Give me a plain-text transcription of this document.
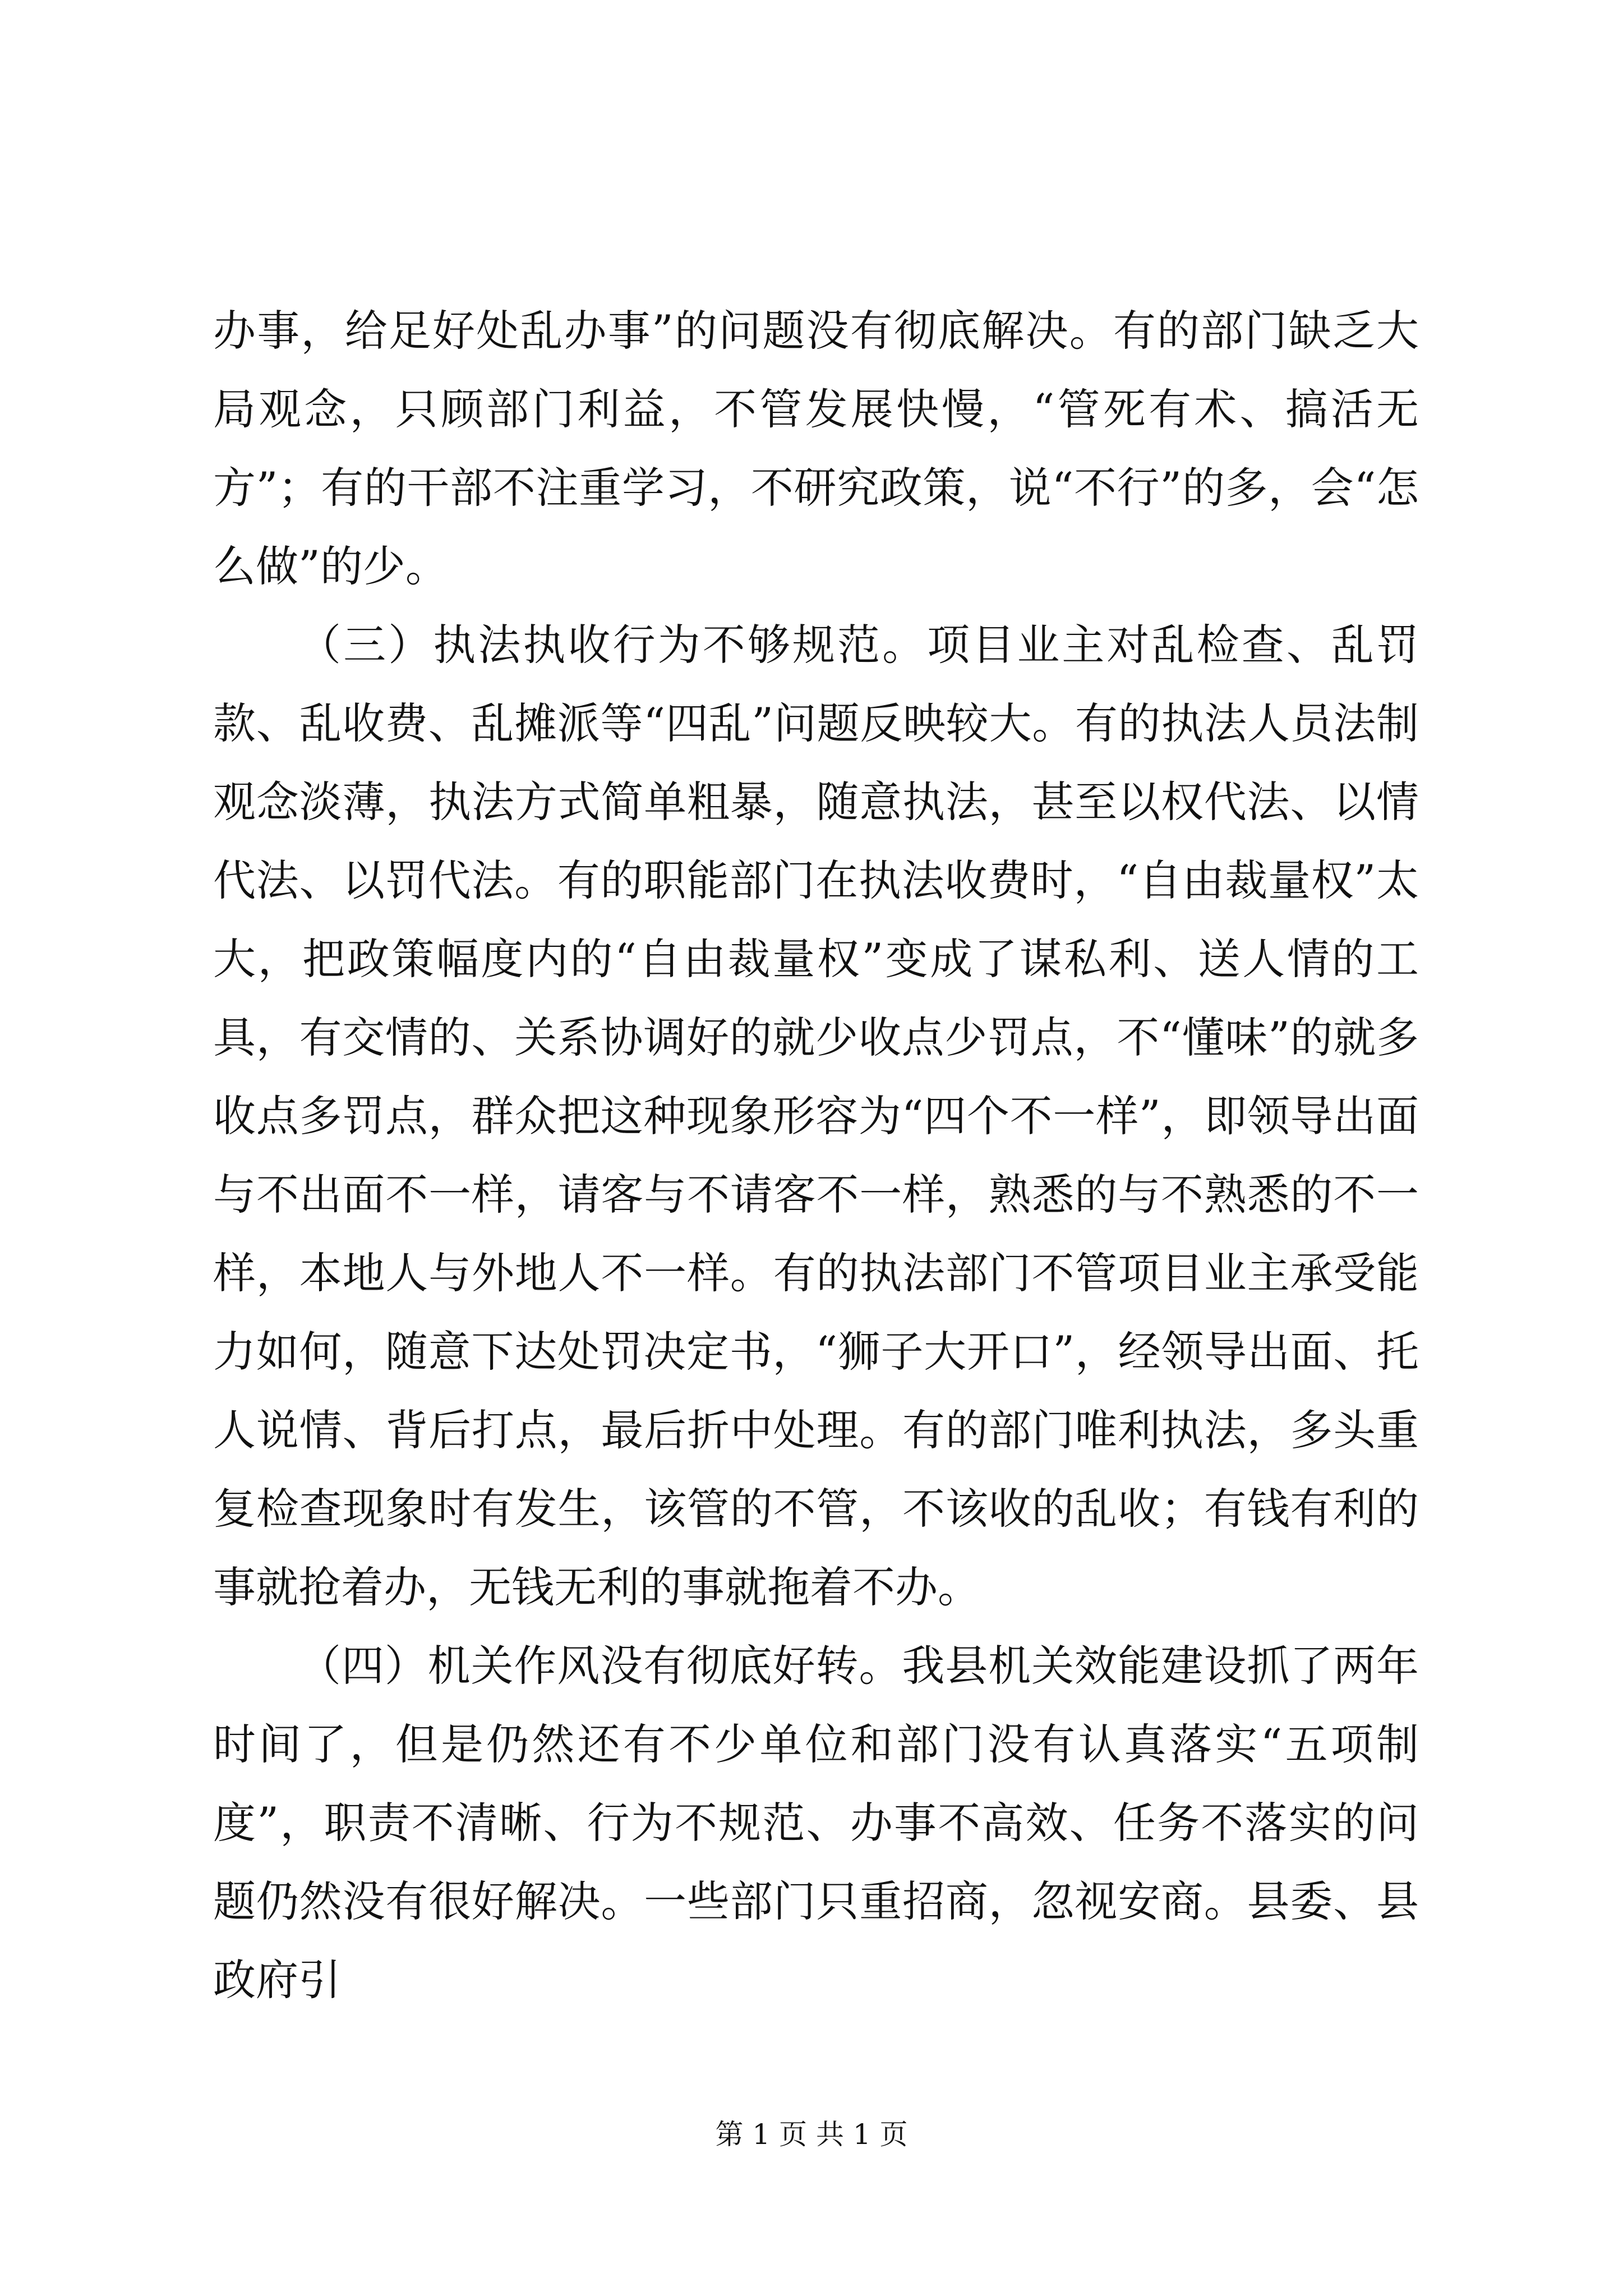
办事，给足好处乱办事”的问题没有彻底解决。有的部门缺乏大局观念，只顾部门利益，不管发展快慢，“管死有术、搞活无方”；有的干部不注重学习，不研究政策，说“不行”的多，会“怎么做”的少。

（三）执法执收行为不够规范。项目业主对乱检查、乱罚款、乱收费、乱摊派等“四乱”问题反映较大。有的执法人员法制观念淡薄，执法方式简单粗暴，随意执法，甚至以权代法、以情代法、以罚代法。有的职能部门在执法收费时，“自由裁量权”太大，把政策幅度内的“自由裁量权”变成了谋私利、送人情的工具，有交情的、关系协调好的就少收点少罚点，不“懂味”的就多收点多罚点，群众把这种现象形容为“四个不一样”，即领导出面与不出面不一样，请客与不请客不一样，熟悉的与不熟悉的不一样，本地人与外地人不一样。有的执法部门不管项目业主承受能力如何，随意下达处罚决定书，“狮子大开口”，经领导出面、托人说情、背后打点，最后折中处理。有的部门唯利执法，多头重复检查现象时有发生，该管的不管，不该收的乱收；有钱有利的事就抢着办，无钱无利的事就拖着不办。

（四）机关作风没有彻底好转。我县机关效能建设抓了两年时间了，但是仍然还有不少单位和部门没有认真落实“五项制度”，职责不清晰、行为不规范、办事不高效、任务不落实的问题仍然没有很好解决。一些部门只重招商，忽视安商。县委、县政府引

第 1 页 共 1 页
